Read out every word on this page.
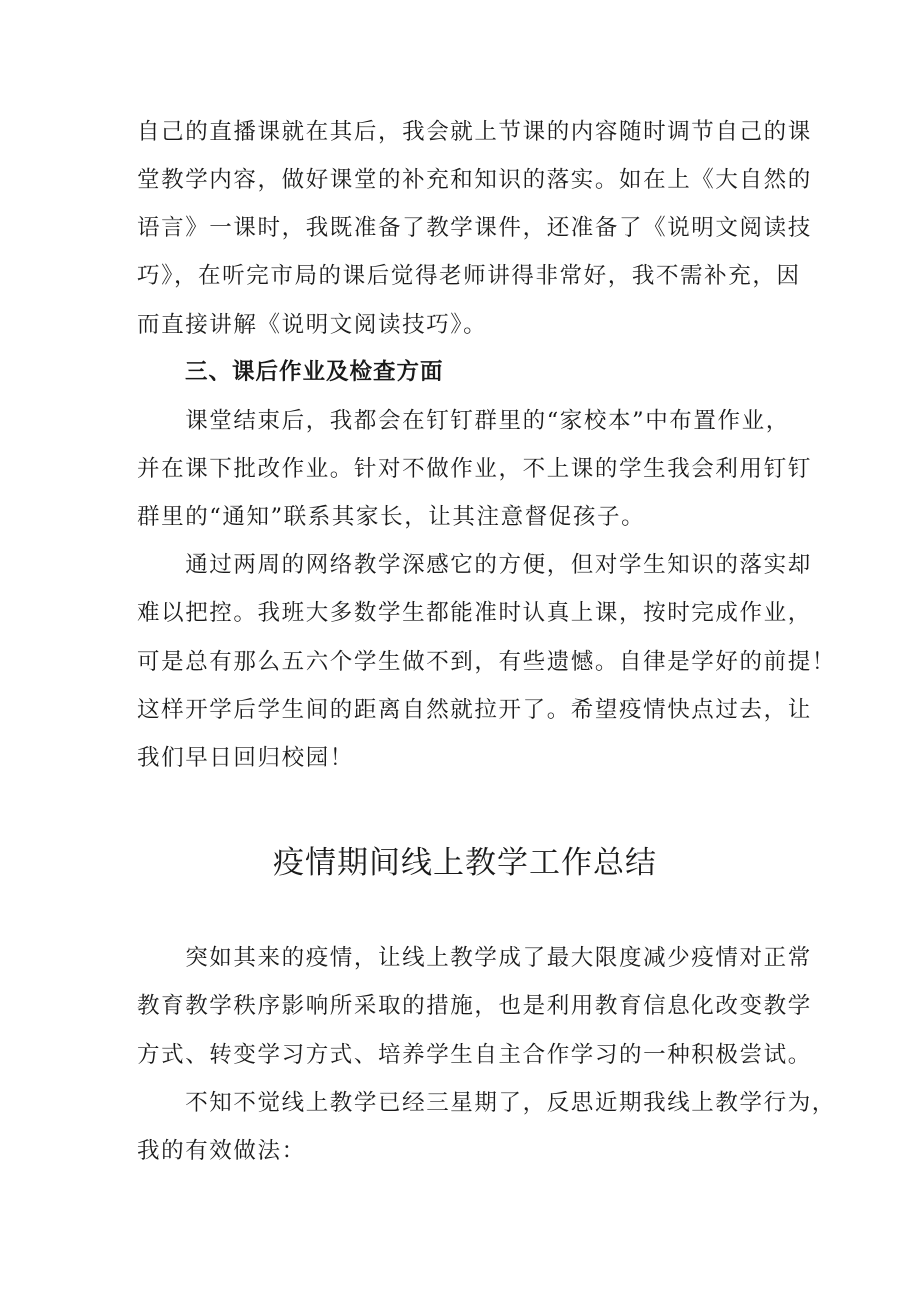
自己的直播课就在其后，我会就上节课的内容随时调节自己的课
堂教学内容，做好课堂的补充和知识的落实。如在上《大自然的
语言》一课时，我既准备了教学课件，还准备了《说明文阅读技
巧》，在听完市局的课后觉得老师讲得非常好，我不需补充，因
而直接讲解《说明文阅读技巧》。
三、课后作业及检查方面
　　课堂结束后，我都会在钉钉群里的“家校本”中布置作业，
并在课下批改作业。针对不做作业，不上课的学生我会利用钉钉
群里的“通知”联系其家长，让其注意督促孩子。
　　通过两周的网络教学深感它的方便，但对学生知识的落实却
难以把控。我班大多数学生都能准时认真上课，按时完成作业，
可是总有那么五六个学生做不到，有些遗憾。自律是学好的前提！
这样开学后学生间的距离自然就拉开了。希望疫情快点过去，让
我们早日回归校园！
疫情期间线上教学工作总结
　　突如其来的疫情，让线上教学成了最大限度减少疫情对正常
教育教学秩序影响所采取的措施，也是利用教育信息化改变教学
方式、转变学习方式、培养学生自主合作学习的一种积极尝试。
　　不知不觉线上教学已经三星期了，反思近期我线上教学行为，
我的有效做法：
